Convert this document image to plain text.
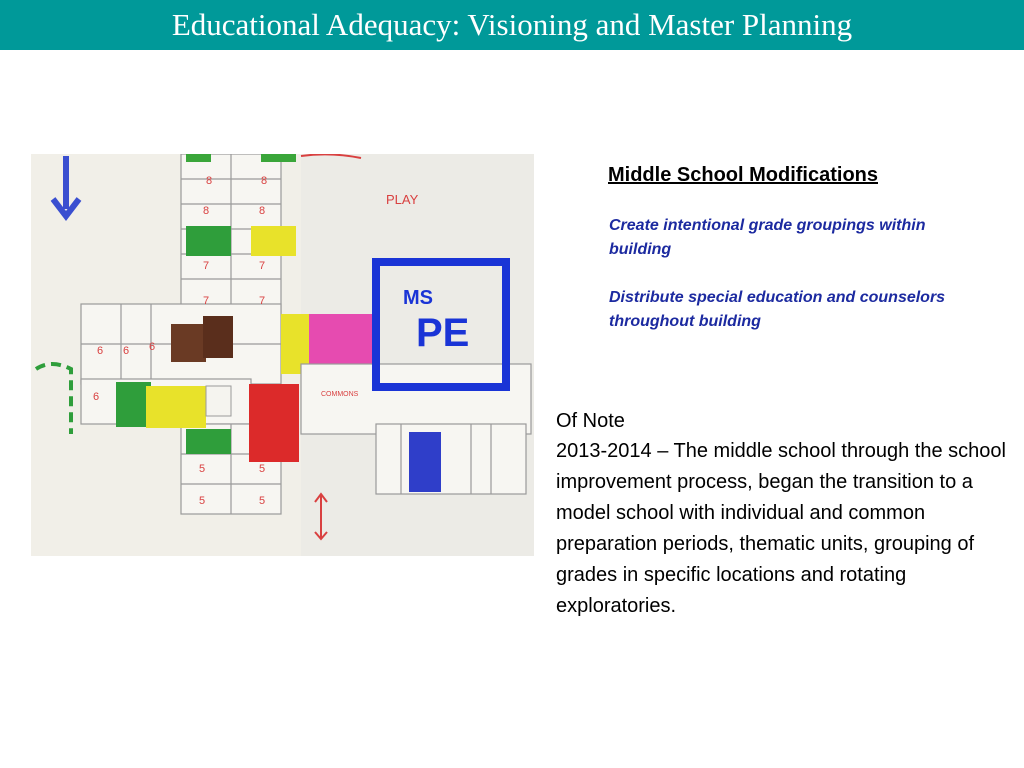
Educational Adequacy: Visioning and Master Planning
PLAY
MS
PE
COMMONS
8	8
8	8
7	7
7	7
6 6 6
6
5	5
5	5
Middle School Modifications
Create intentional grade groupings within building
Distribute special education and counselors throughout building
Of Note
2013-2014 – The middle school through the school improvement process, began the transition to a model school with individual and common preparation periods, thematic units, grouping of grades in specific locations and rotating exploratories.
